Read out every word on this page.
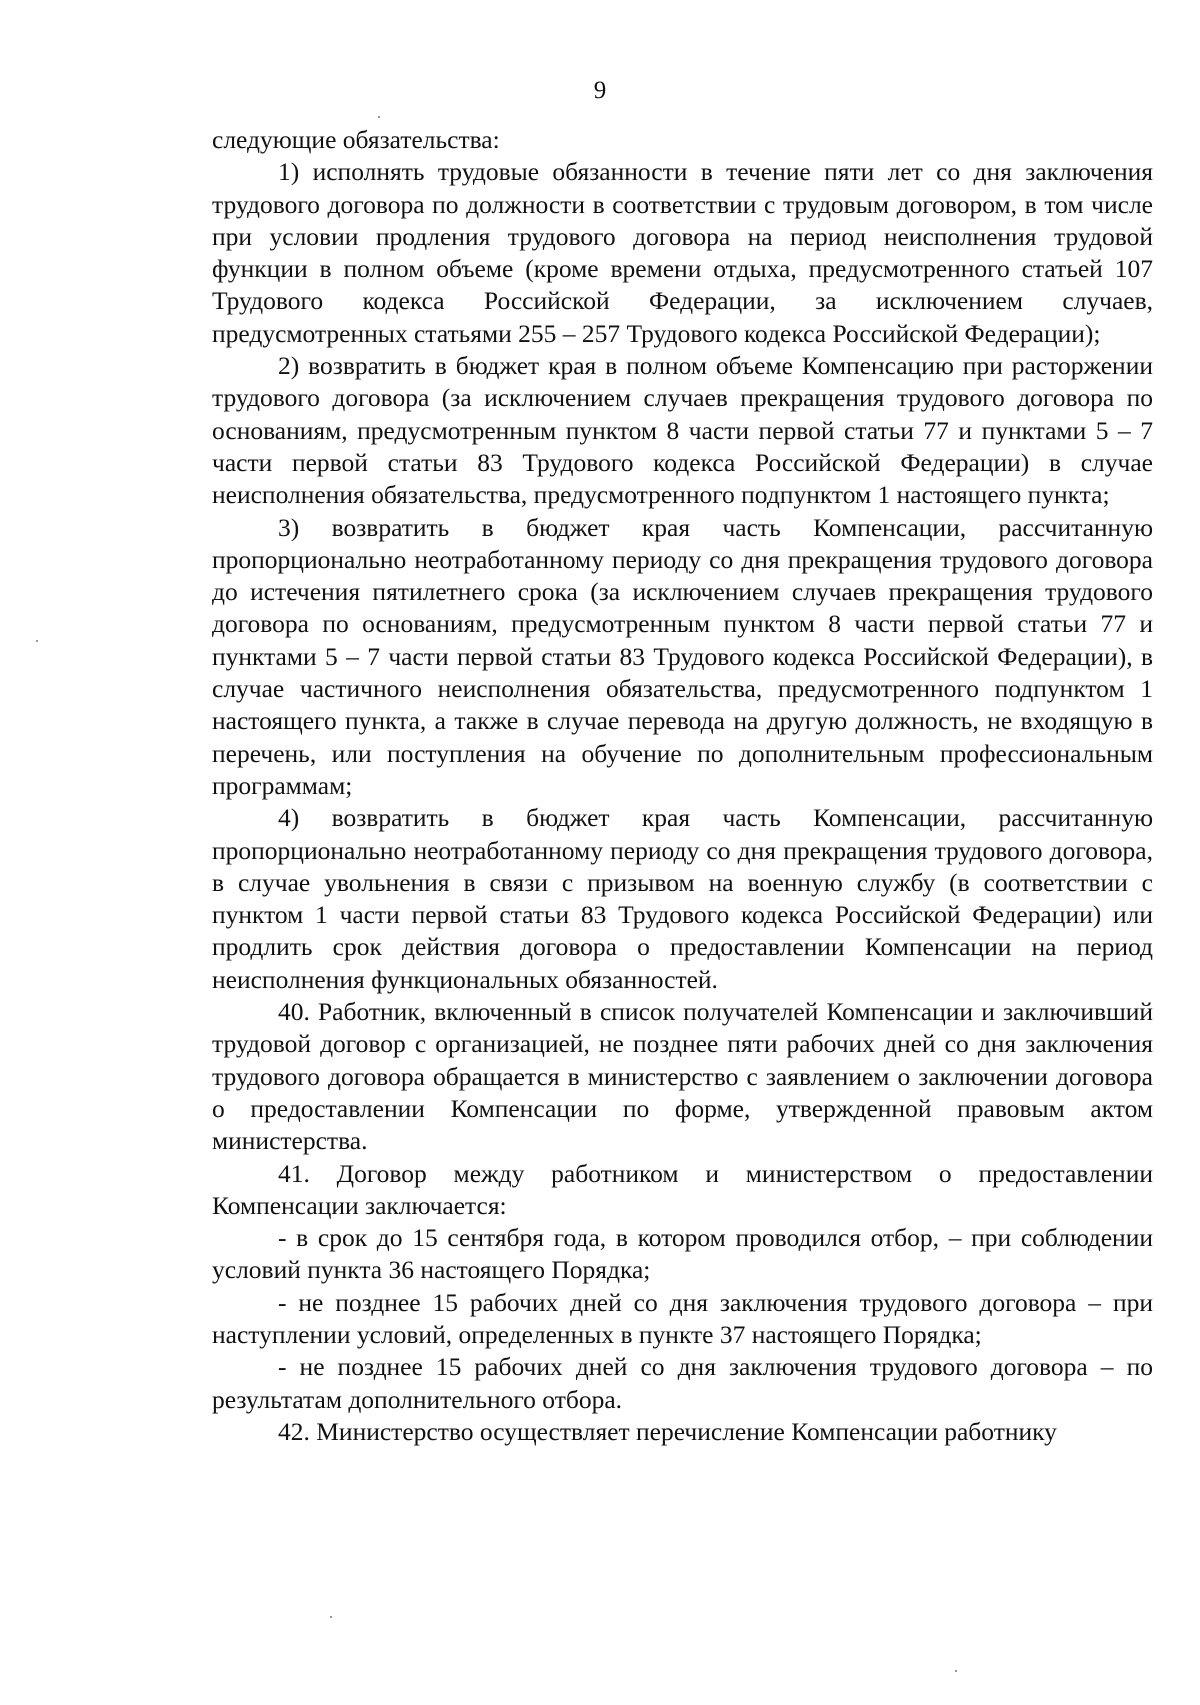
9

следующие обязательства:

1) исполнять трудовые обязанности в течение пяти лет со дня заключения трудового договора по должности в соответствии с трудовым договором, в том числе при условии продления трудового договора на период неисполнения трудовой функции в полном объеме (кроме времени отдыха, предусмотренного статьей 107 Трудового кодекса Российской Федерации, за исключением случаев, предусмотренных статьями 255 – 257 Трудового кодекса Российской Федерации);

2) возвратить в бюджет края в полном объеме Компенсацию при расторжении трудового договора (за исключением случаев прекращения трудового договора по основаниям, предусмотренным пунктом 8 части первой статьи 77 и пунктами 5 – 7 части первой статьи 83 Трудового кодекса Российской Федерации) в случае неисполнения обязательства, предусмотренного подпунктом 1 настоящего пункта;

3) возвратить в бюджет края часть Компенсации, рассчитанную пропорционально неотработанному периоду со дня прекращения трудового договора до истечения пятилетнего срока (за исключением случаев прекращения трудового договора по основаниям, предусмотренным пунктом 8 части первой статьи 77 и пунктами 5 – 7 части первой статьи 83 Трудового кодекса Российской Федерации), в случае частичного неисполнения обязательства, предусмотренного подпунктом 1 настоящего пункта, а также в случае перевода на другую должность, не входящую в перечень, или поступления на обучение по дополнительным профессиональным программам;

4) возвратить в бюджет края часть Компенсации, рассчитанную пропорционально неотработанному периоду со дня прекращения трудового договора, в случае увольнения в связи с призывом на военную службу (в соответствии с пунктом 1 части первой статьи 83 Трудового кодекса Российской Федерации) или продлить срок действия договора о предоставлении Компенсации на период неисполнения функциональных обязанностей.

40. Работник, включенный в список получателей Компенсации и заключивший трудовой договор с организацией, не позднее пяти рабочих дней со дня заключения трудового договора обращается в министерство с заявлением о заключении договора о предоставлении Компенсации по форме, утвержденной правовым актом министерства.

41. Договор между работником и министерством о предоставлении Компенсации заключается:

- в срок до 15 сентября года, в котором проводился отбор, – при соблюдении условий пункта 36 настоящего Порядка;

- не позднее 15 рабочих дней со дня заключения трудового договора – при наступлении условий, определенных в пункте 37 настоящего Порядка;

- не позднее 15 рабочих дней со дня заключения трудового договора – по результатам дополнительного отбора.

42. Министерство осуществляет перечисление Компенсации работнику
